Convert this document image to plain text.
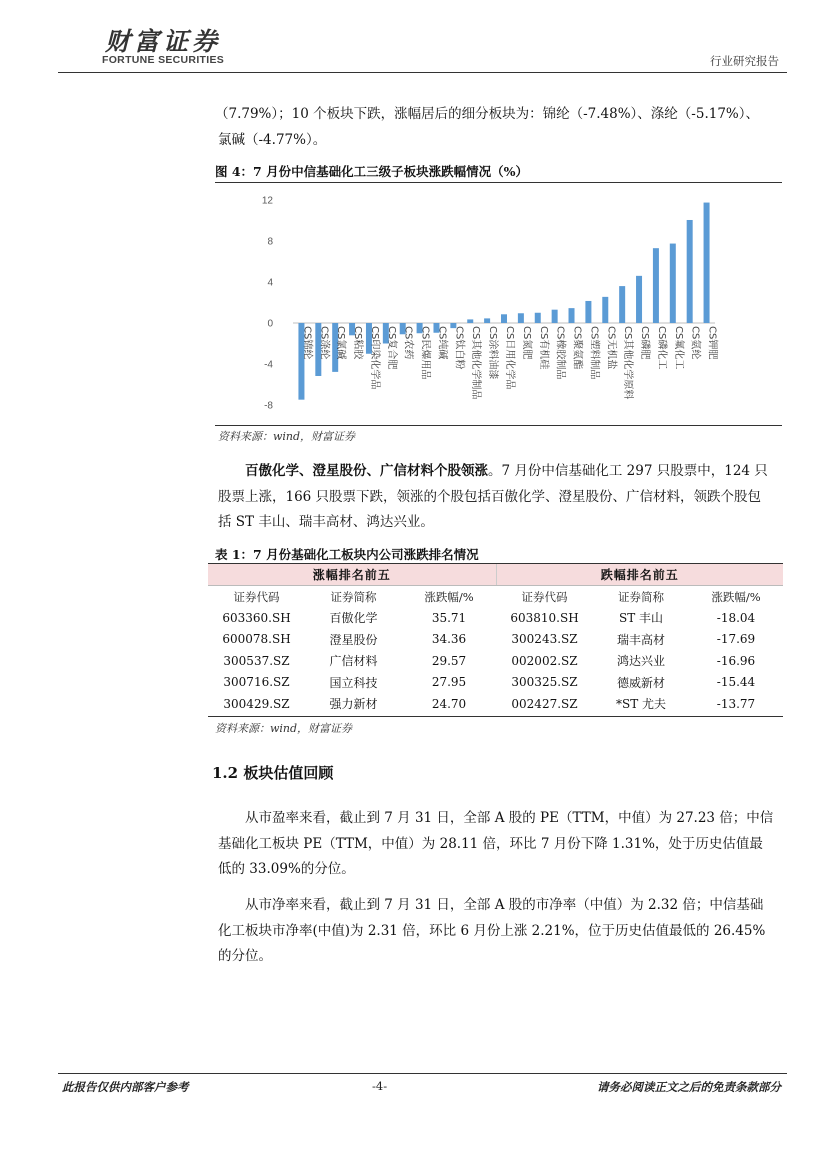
财富证券
FORTUNE SECURITIES	行业研究报告
（7.79%）；10 个板块下跌，涨幅居后的细分板块为：锦纶（-7.48%）、涤纶（-5.17%）、
氯碱（-4.77%）。
图 4：7 月份中信基础化工三级子板块涨跌幅情况（%）
12
8
4
0
-4
-8
CS锦纶 CS涤纶 CS氯碱 CS粘胶 CS印染化学品 CS复合肥 CS农药 CS民爆用品 CS纯碱 CS钛白粉 CS其他化学制品 CS涂料油漆 CS日用化学品 CS氮肥 CS有机硅 CS橡胶制品 CS聚氨酯 CS塑料制品 CS无机盐 CS其他化学原料 CS磷肥 CS磷化工 CS氟化工 CS氨纶 CS钾肥
资料来源：wind，财富证券
百傲化学、澄星股份、广信材料个股领涨。7 月份中信基础化工 297 只股票中，124 只股票上涨，166 只股票下跌，领涨的个股包括百傲化学、澄星股份、广信材料，领跌个股包括 ST 丰山、瑞丰高材、鸿达兴业。
表 1：7 月份基础化工板块内公司涨跌排名情况
涨幅排名前五			跌幅排名前五		
证券代码	证券简称	涨跌幅/%	证券代码	证券简称	涨跌幅/%
603360.SH	百傲化学	35.71	603810.SH	ST 丰山	-18.04
600078.SH	澄星股份	34.36	300243.SZ	瑞丰高材	-17.69
300537.SZ	广信材料	29.57	002002.SZ	鸿达兴业	-16.96
300716.SZ	国立科技	27.95	300325.SZ	德威新材	-15.44
300429.SZ	强力新材	24.70	002427.SZ	*ST 尤夫	-13.77
资料来源：wind，财富证券
1.2 板块估值回顾
从市盈率来看，截止到 7 月 31 日，全部 A 股的 PE（TTM，中值）为 27.23 倍；中信基础化工板块 PE（TTM，中值）为 28.11 倍，环比 7 月份下降 1.31%，处于历史估值最低的 33.09%的分位。
从市净率来看，截止到 7 月 31 日，全部 A 股的市净率（中值）为 2.32 倍；中信基础化工板块市净率(中值)为 2.31 倍，环比 6 月份上涨 2.21%，位于历史估值最低的 26.45%的分位。
此报告仅供内部客户参考	-4-	请务必阅读正文之后的免责条款部分
